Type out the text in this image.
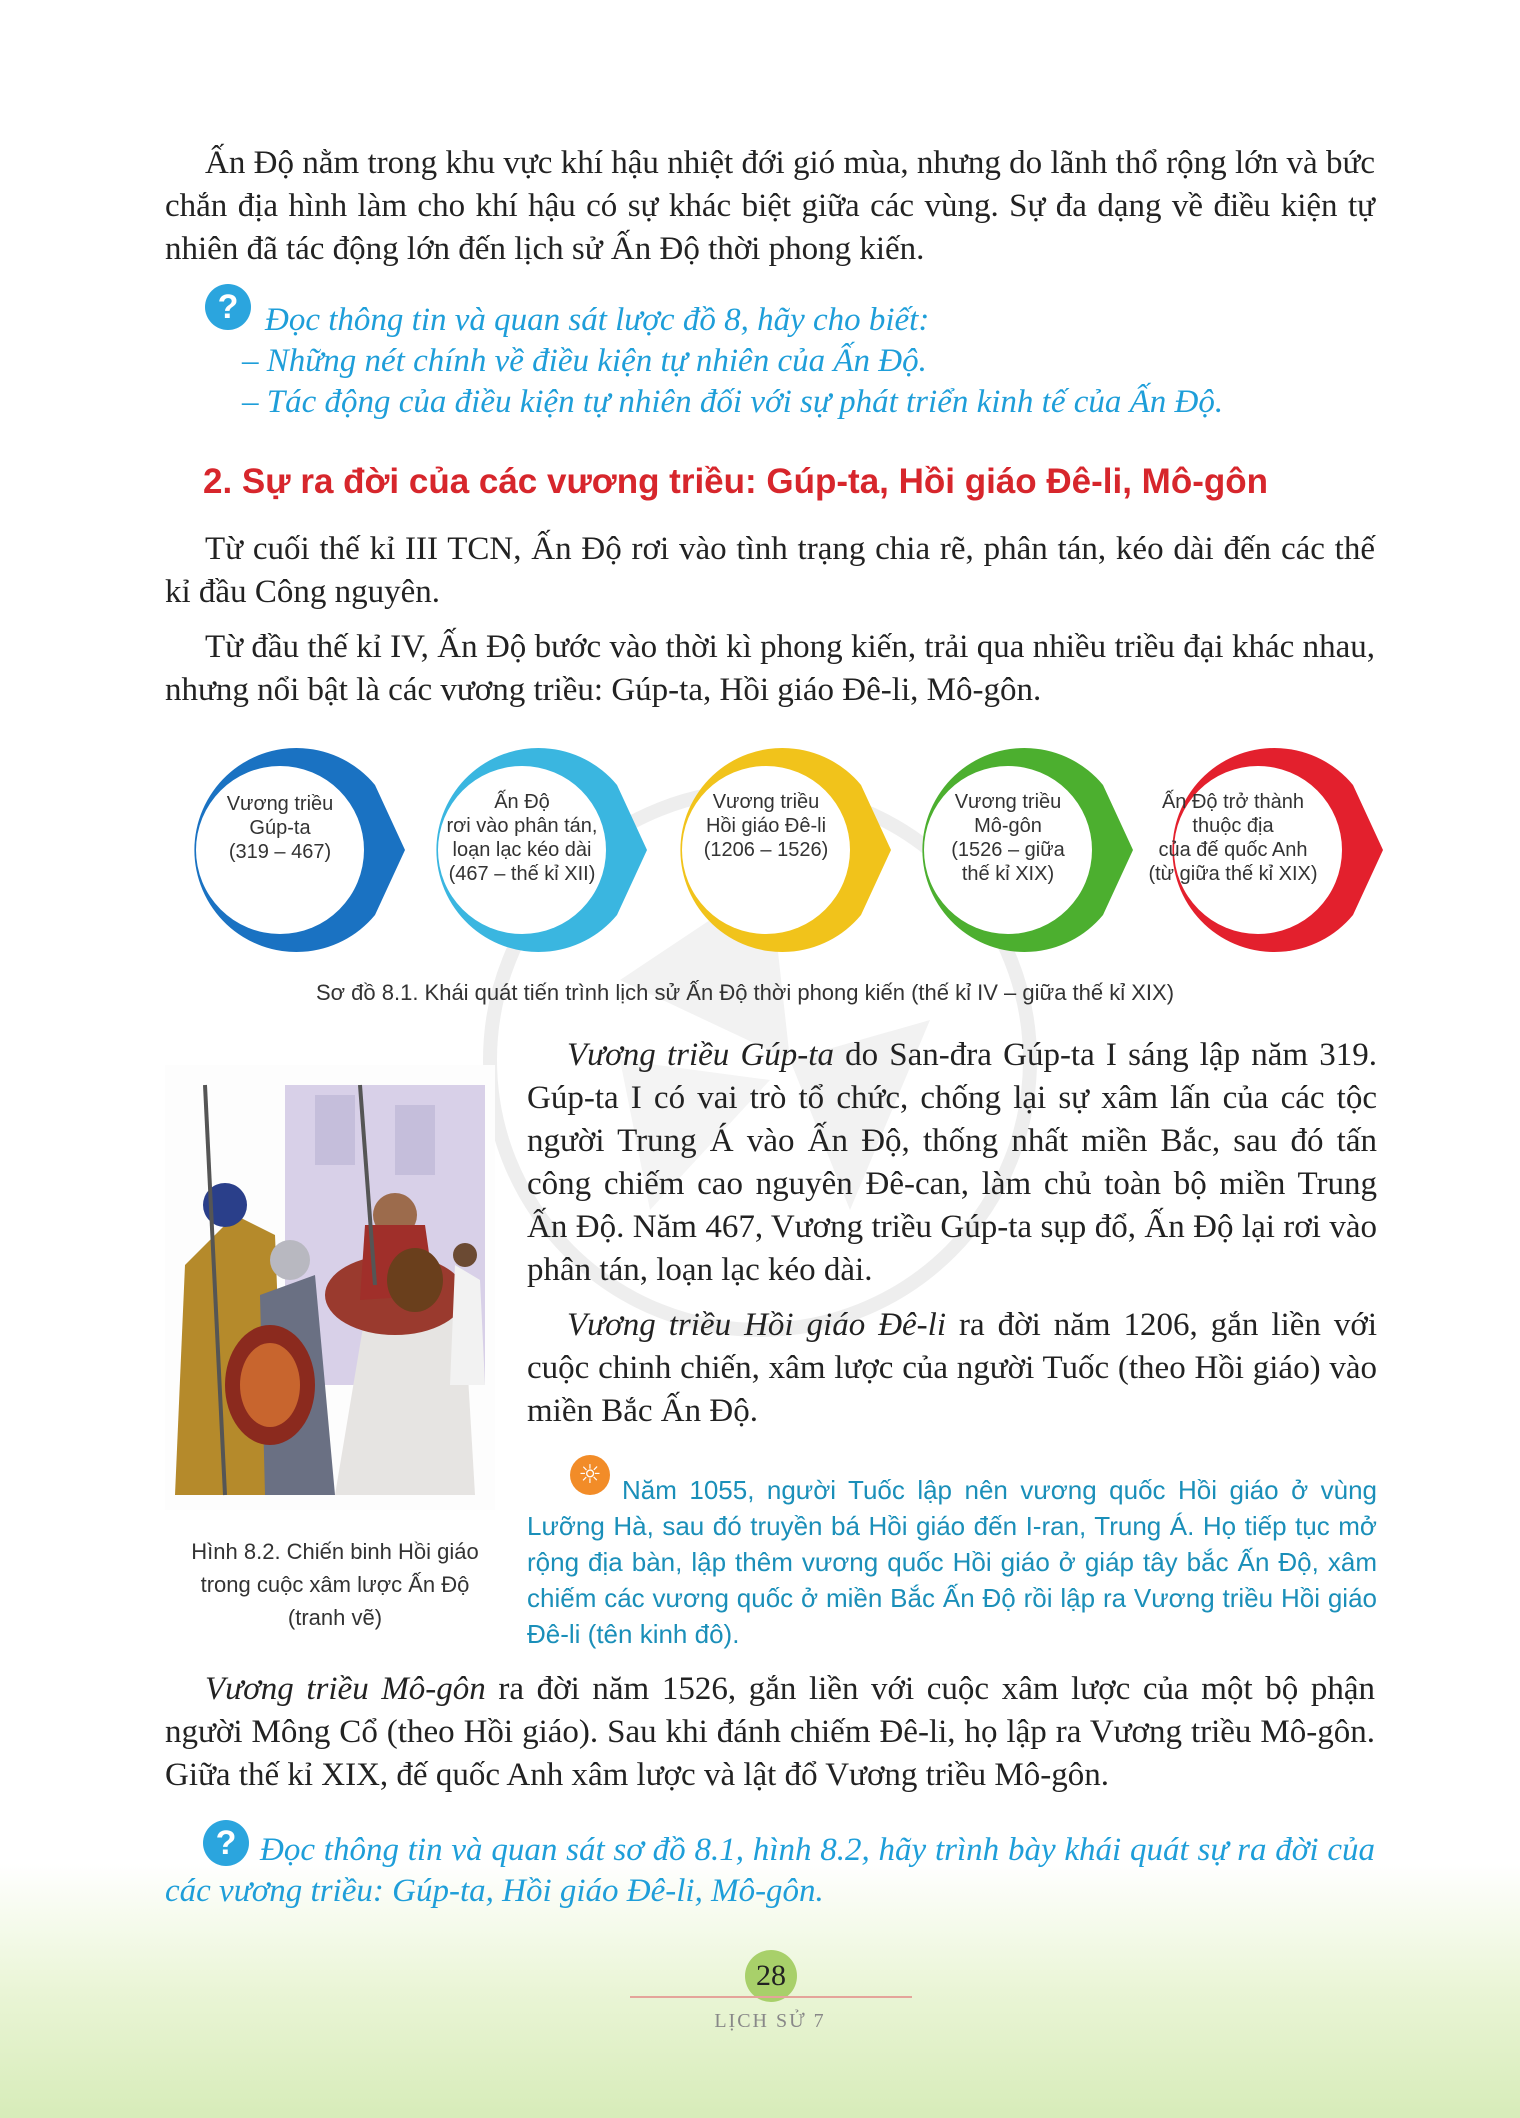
Ấn Độ nằm trong khu vực khí hậu nhiệt đới gió mùa, nhưng do lãnh thổ rộng lớn và bức chắn địa hình làm cho khí hậu có sự khác biệt giữa các vùng. Sự đa dạng về điều kiện tự nhiên đã tác động lớn đến lịch sử Ấn Độ thời phong kiến.

? Đọc thông tin và quan sát lược đồ 8, hãy cho biết:
– Những nét chính về điều kiện tự nhiên của Ấn Độ.
– Tác động của điều kiện tự nhiên đối với sự phát triển kinh tế của Ấn Độ.
2. Sự ra đời của các vương triều: Gúp-ta, Hồi giáo Đê-li, Mô-gôn

Từ cuối thế kỉ III TCN, Ấn Độ rơi vào tình trạng chia rẽ, phân tán, kéo dài đến các thế kỉ đầu Công nguyên.

Từ đầu thế kỉ IV, Ấn Độ bước vào thời kì phong kiến, trải qua nhiều triều đại khác nhau, nhưng nổi bật là các vương triều: Gúp-ta, Hồi giáo Đê-li, Mô-gôn.

Vương triều
Gúp-ta
(319 – 467)
Ấn Độ
rơi vào phân tán,
loạn lạc kéo dài
(467 – thế kỉ XII)
Vương triều
Hồi giáo Đê-li
(1206 – 1526)
Vương triều
Mô-gôn
(1526 – giữa
thế kỉ XIX)
Ấn Độ trở thành
thuộc địa
của đế quốc Anh
(từ giữa thế kỉ XIX)
Sơ đồ 8.1. Khái quát tiến trình lịch sử Ấn Độ thời phong kiến (thế kỉ IV – giữa thế kỉ XIX)
Hình 8.2. Chiến binh Hồi giáo
trong cuộc xâm lược Ấn Độ
(tranh vẽ)

Vương triều Gúp-ta do San-đra Gúp-ta I sáng lập năm 319. Gúp-ta I có vai trò tổ chức, chống lại sự xâm lấn của các tộc người Trung Á vào Ấn Độ, thống nhất miền Bắc, sau đó tấn công chiếm cao nguyên Đê-can, làm chủ toàn bộ miền Trung Ấn Độ. Năm 467, Vương triều Gúp-ta sụp đổ, Ấn Độ lại rơi vào phân tán, loạn lạc kéo dài.

Vương triều Hồi giáo Đê-li ra đời năm 1206, gắn liền với cuộc chinh chiến, xâm lược của người Tuốc (theo Hồi giáo) vào miền Bắc Ấn Độ.

☼ Năm 1055, người Tuốc lập nên vương quốc Hồi giáo ở vùng Lưỡng Hà, sau đó truyền bá Hồi giáo đến I-ran, Trung Á. Họ tiếp tục mở rộng địa bàn, lập thêm vương quốc Hồi giáo ở giáp tây bắc Ấn Độ, xâm chiếm các vương quốc ở miền Bắc Ấn Độ rồi lập ra Vương triều Hồi giáo Đê-li (tên kinh đô).

Vương triều Mô-gôn ra đời năm 1526, gắn liền với cuộc xâm lược của một bộ phận người Mông Cổ (theo Hồi giáo). Sau khi đánh chiếm Đê-li, họ lập ra Vương triều Mô-gôn. Giữa thế kỉ XIX, đế quốc Anh xâm lược và lật đổ Vương triều Mô-gôn.

? Đọc thông tin và quan sát sơ đồ 8.1, hình 8.2, hãy trình bày khái quát sự ra đời của các vương triều: Gúp-ta, Hồi giáo Đê-li, Mô-gôn.
28
LỊCH SỬ 7
